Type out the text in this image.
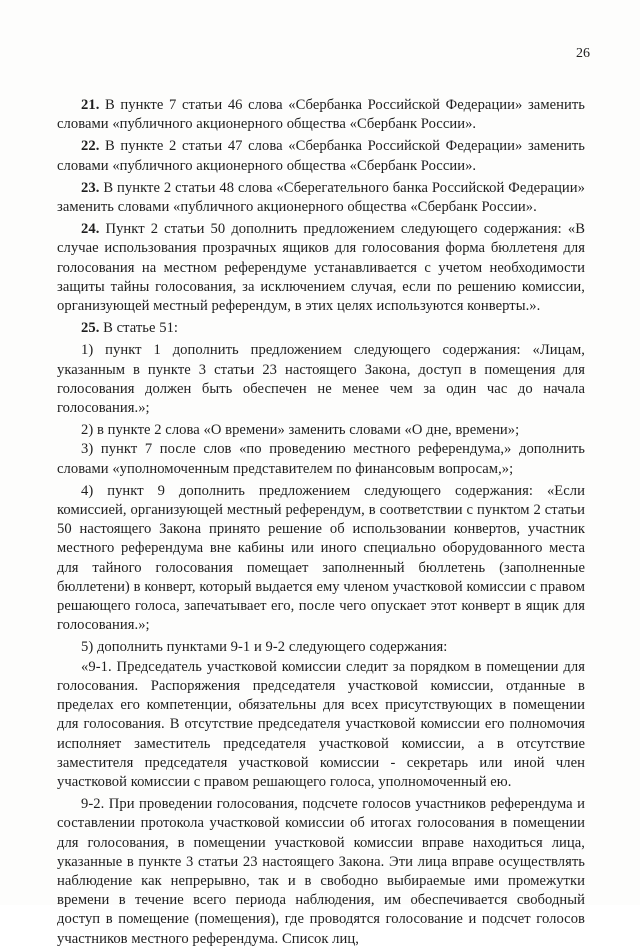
26

21. В пункте 7 статьи 46 слова «Сбербанка Российской Федерации» заменить словами «публичного акционерного общества «Сбербанк России».

22. В пункте 2 статьи 47 слова «Сбербанка Российской Федерации» заменить словами «публичного акционерного общества «Сбербанк России».

23. В пункте 2 статьи 48 слова «Сберегательного банка Российской Федерации» заменить словами «публичного акционерного общества «Сбербанк России».

24. Пункт 2 статьи 50 дополнить предложением следующего содержания: «В случае использования прозрачных ящиков для голосования форма бюллетеня для голосования на местном референдуме устанавливается с учетом необходимости защиты тайны голосования, за исключением случая, если по решению комиссии, организующей местный референдум, в этих целях используются конверты.».

25. В статье 51:

1) пункт 1 дополнить предложением следующего содержания: «Лицам, указанным в пункте 3 статьи 23 настоящего Закона, доступ в помещения для голосования должен быть обеспечен не менее чем за один час до начала голосования.»;

2) в пункте 2 слова «О времени» заменить словами «О дне, времени»;

3) пункт 7 после слов «по проведению местного референдума,» дополнить словами «уполномоченным представителем по финансовым вопросам,»;

4) пункт 9 дополнить предложением следующего содержания: «Если комиссией, организующей местный референдум, в соответствии с пунктом 2 статьи 50 настоящего Закона принято решение об использовании конвертов, участник местного референдума вне кабины или иного специально оборудованного места для тайного голосования помещает заполненный бюллетень (заполненные бюллетени) в конверт, который выдается ему членом участковой комиссии с правом решающего голоса, запечатывает его, после чего опускает этот конверт в ящик для голосования.»;

5) дополнить пунктами 9-1 и 9-2 следующего содержания:

«9-1. Председатель участковой комиссии следит за порядком в помещении для голосования. Распоряжения председателя участковой комиссии, отданные в пределах его компетенции, обязательны для всех присутствующих в помещении для голосования. В отсутствие председателя участковой комиссии его полномочия исполняет заместитель председателя участковой комиссии, а в отсутствие заместителя председателя участковой комиссии - секретарь или иной член участковой комиссии с правом решающего голоса, уполномоченный ею.

9-2. При проведении голосования, подсчете голосов участников референдума и составлении протокола участковой комиссии об итогах голосования в помещении для голосования, в помещении участковой комиссии вправе находиться лица, указанные в пункте 3 статьи 23 настоящего Закона. Эти лица вправе осуществлять наблюдение как непрерывно, так и в свободно выбираемые ими промежутки времени в течение всего периода наблюдения, им обеспечивается свободный доступ в помещение (помещения), где проводятся голосование и подсчет голосов участников местного референдума. Список лиц,
